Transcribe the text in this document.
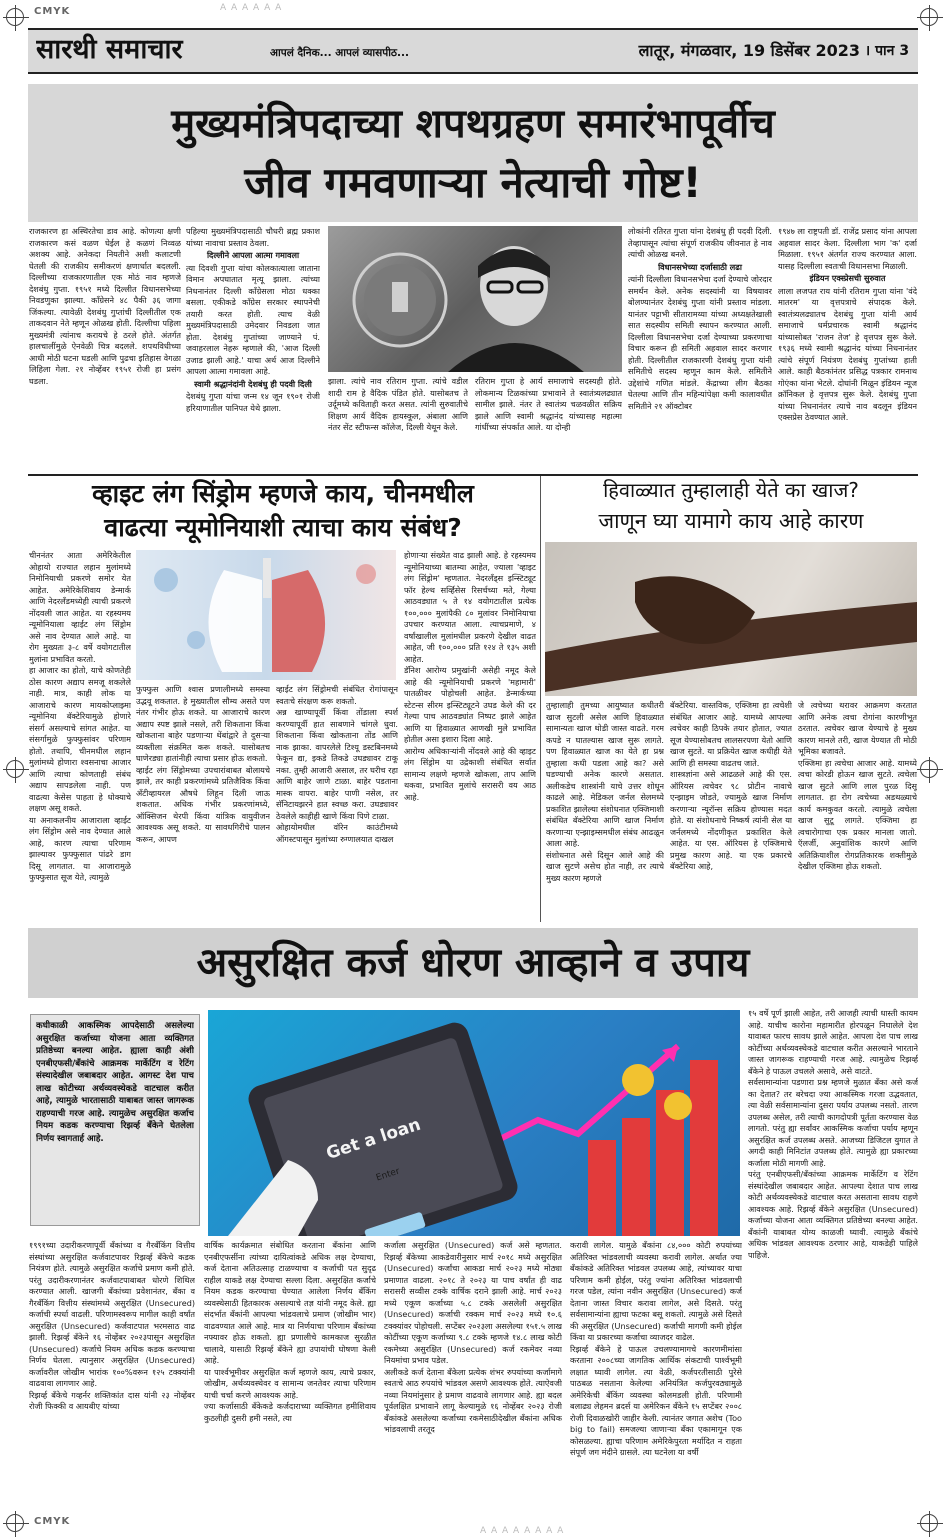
CMYK	A A A A A A
CMYK
A A A A A A A A
सारथी समाचार	आपलं दैनिक... आपलं व्यासपीठ...	लातूर, मंगळवार, 19 डिसेंबर 2023 । पान 3
मुख्यमंत्रिपदाच्या शपथग्रहण समारंभापूर्वीच
जीव गमवणाऱ्या नेत्याची गोष्ट!

राजकारण हा अस्थिरतेचा डाव आहे. कोणत्या क्षणी राजकारण कसं वळण घेईल हे कळणं निव्वळ अशक्य आहे. अनेकदा नियतीने अशी कलाटणी घेतली की राजकीय समीकरणं क्षणार्धात बदलली. दिल्लीच्या राजकारणातील एक मोठं नाव म्हणजे देशबंधु गुप्ता. १९५१ मध्ये दिल्लीत विधानसभेच्या निवडणुका झाल्या. काँग्रेसने ४८ पैकी ३६ जागा जिंकल्या. त्यावेळी देशबंधु गुप्तांची दिल्लीतील एक ताकदवान नेते म्हणून ओळख होती. दिल्लीचा पहिला मुख्यमंत्री त्यांनाच करायचे हे ठरले होते. अंतर्गत हालचालींमुळे ऐनवेळी चित्र बदलले. शपथविधीच्या आधी मोठी घटना घडली आणि पुढचा इतिहास वेगळा लिहिला गेला. २१ नोव्हेंबर १९५१ रोजी हा प्रसंग घडला.

पहिल्या मुख्यमंत्रिपदासाठी चौधरी ब्रह्म प्रकाश यांच्या नावाचा प्रस्ताव ठेवला.

दिल्लीने आपला आत्मा गमावला

त्या दिवशी गुप्ता यांचा कोलकात्याला जाताना विमान अपघातात मृत्यू झाला. त्यांच्या निधनानंतर दिल्ली काँग्रेसला मोठा धक्का बसला. एकीकडे काँग्रेस सरकार स्थापनेची तयारी करत होती. त्याच वेळी मुख्यमंत्रिपदासाठी उमेदवार निवडला जात होता. देशबंधु गुप्तांच्या जाण्याने पं. जवाहरलाल नेहरू म्हणाले की, 'आज दिल्ली उजाड झाली आहे.' याचा अर्थ आज दिल्लीने आपला आत्मा गमावला आहे.

स्वामी श्रद्धानंदांनी देशबंधु ही पदवी दिली

देशबंधु गुप्ता यांचा जन्म १४ जून १९०१ रोजी हरियाणातील पानिपत येथे झाला.

झाला. त्यांचे नाव रतिराम गुप्ता. त्यांचे वडील शादी राम हे वैदिक पंडित होते. यासोबतच ते उर्दूमध्ये कविताही करत असत. त्यांनी सुरुवातीचे शिक्षण आर्य वैदिक हायस्कूल, अंबाला आणि नंतर सेंट स्टीफन्स कॉलेज, दिल्ली येथून केले.

रतिराम गुप्ता हे आर्य समाजाचे सदस्यही होते. लोकमान्य टिळकांच्या प्रभावाने ते स्वातंत्र्यलढ्यात सामील झाले. नंतर ते स्वातंत्र्य चळवळीत सक्रिय झाले आणि स्वामी श्रद्धानंद यांच्यासह महात्मा गांधींच्या संपर्कात आले. या दोन्ही

लोकांनी रतिरत गुप्ता यांना देशबंधु ही पदवी दिली. तेव्हापासून त्यांचा संपूर्ण राजकीय जीवनात हे नाव त्यांची ओळख बनले.

विधानसभेच्या दर्जासाठी लढा

त्यांनी दिल्लीला विधानसभेचा दर्जा देण्याचे जोरदार समर्थन केले. अनेक सदस्यांनी या विषयावर बोलण्यानंतर देशबंधु गुप्ता यांनी प्रस्ताव मांडला. यानंतर पट्टाभी सीतारामय्या यांच्या अध्यक्षतेखाली सात सदस्यीय समिती स्थापन करण्यात आली. दिल्लीला विधानसभेचा दर्जा देण्याच्या प्रकरणाचा विचार करून ही समिती अहवाल सादर करणार होती. दिल्लीतील राजकारणी देशबंधु गुप्ता यांनी समितीचे सदस्य म्हणून काम केले. समितीने उद्देशांचे गणित मांडले. केंद्राच्या लीग बैठका घेतल्या आणि तीन महिन्यांपेक्षा कमी कालावधीत समितीने २१ ऑक्टोबर

१९४७ ला राष्ट्रपती डॉ. राजेंद्र प्रसाद यांना आपला अहवाल सादर केला. दिल्लीला भाग 'क' दर्जा मिळाला. १९५१ अंतर्गत राज्य करण्यात आला. यासह दिल्लीला स्वतःची विधानसभा मिळाली.

इंडियन एक्स्प्रेसची सुरुवात

लाला लजपत राय यांनी रतिराम गुप्ता यांना 'वंदे मातरम' या वृत्तपत्राचे संपादक केले. स्वातंत्र्यलढ्यातच देशबंधु गुप्ता यांनी आर्य समाजाचे धर्मप्रचारक स्वामी श्रद्धानंद यांच्यासोबत 'राजन तेज' हे वृत्तपत्र सुरू केले. १९३६ मध्ये स्वामी श्रद्धानंद यांच्या निधनानंतर त्यांचे संपूर्ण नियंत्रण देशबंधु गुप्तांच्या हाती आले. काही बैठकांनंतर प्रसिद्ध पत्रकार रामनाथ गोएंका यांना भेटले. दोघांनी मिळून इंडियन न्यूज क्रॉनिकल हे वृत्तपत्र सुरू केले. देशबंधु गुप्ता यांच्या निधनानंतर त्याचे नाव बदलून इंडियन एक्सप्रेस ठेवण्यात आले.

व्हाइट लंग सिंड्रोम म्हणजे काय, चीनमधील
वाढत्या न्यूमोनियाशी त्याचा काय संबंध?
हिवाळ्यात तुम्हालाही येते का खाज?
जाणून घ्या यामागे काय आहे कारण

चीननंतर आता अमेरिकेतील ओहायो राज्यात लहान मुलांमध्ये निमोनियाची प्रकरणे समोर येत आहेत. अमेरिकेशिवाय डेन्मार्क आणि नेदरलँडमध्येही त्याची प्रकरणे नोंदवली जात आहेत. या रहस्यमय न्यूमोनियाला व्हाईट लंग सिंड्रोम असे नाव देण्यात आले आहे. या रोग मुख्यतः ३-८ वर्षे वयोगटातील मुलांना प्रभावित करतो.
हा आजार का होतो, याचे कोणतेही ठोस कारण अद्याप समजू शकलेले नाही. मात्र, काही लोक या आजाराचे कारण मायकोप्लाझ्मा न्यूमोनिया बॅक्टेरियामुळे होणारे संसर्ग असल्याचे सांगत आहेत. या संसर्गामुळे फुफ्फुसांवर परिणाम होतो. तथापि, चीनमधील लहान मुलांमध्ये होणारा श्वसनाचा आजार आणि त्याचा कोणताही संबंध अद्याप सापडलेला नाही. पण वाढत्या केसेस पाहता हे धोक्याचे लक्षण असू शकते.
या अनाकलनीय आजाराला व्हाईट लंग सिंड्रोम असे नाव देण्यात आले आहे, कारण त्याचा परिणाम झाल्यावर फुफ्फुसात पांढरे डाग दिसू लागतात. या आजारामुळे फुफ्फुसात सूज येते, त्यामुळे

फुफ्फुस आणि श्वास प्रणालीमध्ये समस्या उद्भवू शकतात. हे मुख्यातील सौम्य असते पण नंतर गंभीर होऊ शकते. या आजाराचे कारण अद्याप स्पष्ट झाले नसले, तरी शिकताना किंवा खोकताना बाहेर पडणाऱ्या थेंबांद्वारे ते दुसऱ्या व्यक्तीला संक्रमित करू शकते. यासोबतच घाणेरड्या हातांनीही त्याचा प्रसार होऊ शकतो.
व्हाईट लंग सिंड्रोमच्या उपचारांबाबत बोलायचे झाले, तर काही प्रकरणांमध्ये प्रतिजैविक किंवा अँटीव्हायरल औषधे लिहून दिली जाऊ शकतात. अधिक गंभीर प्रकरणांमध्ये, ऑक्सिजन थेरपी किंवा यांत्रिक वायुवीजन आवश्यक असू शकते. या सावधगिरीचे पालन करून, आपण

व्हाईट लंग सिंड्रोमची संबंधित रोगांपासून स्वतःचे संरक्षण करू शकतो.
अन्न खाण्यापूर्वी किंवा तोंडाला स्पर्श करण्यापूर्वी हात साबणाने चांगले धुवा. शिकताना किंवा खोकताना तोंड आणि नाक झाका. वापरलेले टिश्यू डस्टबिनमध्ये फेकून द्या, इकडे तिकडे उघड्यावर टाकू नका. तुम्ही आजारी असाल, तर घरीच रहा आणि बाहेर जाणे टाळा. बाहेर पडताना मास्क वापरा. बाहेर पाणी नसेल, तर सॅनिटायझरने हात स्वच्छ करा. उघड्यावर ठेवलेले काहीही खाणे किंवा पिणे टाळा.
ओहायोमधील वॉरेन काउंटीमध्ये ऑगस्टपासून मुलांच्या रुग्णालयात दाखल

होणाऱ्या संख्येत वाढ झाली आहे. हे रहस्यमय न्यूमोनियाच्या बातम्या आहेत, ज्याला 'व्हाइट लंग सिंड्रोम' म्हणतात. नेदरलँड्स इन्स्टिट्यूट फॉर हेल्थ सर्व्हिसेस रिसर्चच्या मते, गेल्या आठवड्यात ५ ते १४ वयोगटातील प्रत्येक १००,००० मुलांपैकी ८० मुलांवर निमोनियाचा उपचार करण्यात आला. त्याचप्रमाणे, ४ वर्षांखालील मुलांमधील प्रकरणे देखील वाढत आहेत, जी १००,००० प्रति १२४ ते १३५ अशी आहेत.
डॅनिश आरोग्य प्रमुखांनी असेही नमूद केले आहे की न्यूमोनियाची प्रकरणे 'महामारी' पातळीवर पोहोचली आहेत. डेन्मार्कच्या स्टेटन्स सीरम इन्स्टिट्यूटने उघड केले की दर गेल्या पाच आठवड्यांत निष्पट झाले आहेत आणि या हिवाळ्यात आणखी मुले प्रभावित होतील असा इशारा दिला आहे.
आरोग्य अधिकाऱ्यांनी नोंदवले आहे की व्हाइट लंग सिंड्रोम या उद्रेकाशी संबंधित सर्वात सामान्य लक्षणे म्हणजे खोकला, ताप आणि थकवा, प्रभावित मुलांचे सरासरी वय आठ आहे.

तुम्हालाही तुमच्या आयुष्यात कधीतरी खाज सुटली असेल आणि हिवाळ्यात सामान्यतः खाज थोडी जास्त वाढते. गरम कपडे न घातल्यास खाज सुरू लागते. पण हिवाळ्यात खाज का येते हा प्रश्न तुम्हाला कधी पडला आहे का? असे घडण्याची अनेक कारणे असतात. अलीकडेच शास्त्रांनी याचे उत्तर शोधून काढले आहे. मेडिकल जर्नल सेलमध्ये प्रकाशित झालेल्या संशोधनात एक्जिमाशी संबंधित बॅक्टेरिया आणि खाज निर्माण करणाऱ्या एन्झाइम्समधील संबंध आढळून आला आहे.
संशोधनात असे दिसून आले आहे की खाज सुटणे असेच होत नाही, तर त्याचे मुख्य कारण म्हणजे

बॅक्टेरिया. वास्तविक, एक्जिमा हा त्वचेशी संबंधित आजार आहे. यामध्ये आपल्या त्वचेवर काही ठिपके तयार होतात, ज्यात सूज येण्यासोबतच लालसरपणा येतो आणि खाज सुटते. या प्रक्रियेत खाज कधीही येते आणि ही समस्या वाढतच जाते.
शास्त्रज्ञांना असे आढळले आहे की एस. ऑरियस त्वचेवर ९८ प्रोटीन नावाचे एन्झाइम जोडते, ज्यामुळे खाज निर्माण करणाऱ्या न्यूरॉन्स सक्रिय होण्यास मदत होते. या संशोधनाचे निष्कर्ष त्यांनी सेल या जर्नलमध्ये नोंदणीकृत प्रकाशित केले आहेत. या एस. ऑरियस हे एक्जिमाचे प्रमुख कारण आहे. या एक प्रकारचे बॅक्टेरिया आहे,

जे त्वचेच्या थरावर आक्रमण करतात आणि अनेक त्वचा रोगांना कारणीभूत ठरतात. त्वचेवर खाज येण्याचे हे मुख्य कारण मानले तरी, खाज येण्यात ती मोठी भूमिका बजावते.
एक्जिमा हा त्वचेचा आजार आहे. यामध्ये त्वचा कोरडी होऊन खाज सुटते. त्वचेला खाज सुटते आणि लाल पुरळ दिसू लागतात. हा रोग त्वचेच्या अडथळ्याचे कार्य कमकुवत करतो. त्यामुळे त्वचेला खाज सुटू लागते. एक्जिमा हा त्वचारोगाचा एक प्रकार मानला जातो. ऍलर्जी, अनुवांशिक कारणे आणि अतिक्रियाशील रोगप्रतिकारक शक्तीमुळे देखील एक्जिमा होऊ शकतो.

असुरक्षित कर्ज धोरण आव्हाने व उपाय
कधीकाळी आकस्मिक आपदेसाठी असलेल्या असुरक्षित कर्जाच्या योजना आता व्यक्तिगत प्रतिष्ठेच्या बनल्या आहेत. ह्याला काही अंशी एनबीएफसी/बँकांचे आक्रमक मार्केटिंग व रेटिंग संस्थादेखील जबाबदार आहेत. आगस्ट देश पाच लाख कोटीच्या अर्थव्यवस्थेकडे वाटचाल करीत आहे, त्यामुळे भारतासाठी याबाबत जास्त जागरूक राहण्याची गरज आहे. त्यामुळेच असुरक्षित कर्जाच नियम कडक करण्याचा रिझर्व्ह बँकेने घेतलेला निर्णय स्वागतार्ह आहे.	Get a loan
Enter

१५ वर्षे पूर्ण झाली आहेत, तरी आजही त्याची धास्ती कायम आहे. याचीच कारोना महामारीत होरपळून निघालेले देश यावाबत फारच सावध झाले आहेत. आपला देश पाच लाख कोटींच्या अर्थव्यवस्थेकडे वाटचाल करीत असल्याने भारताने जास्त जागरूक राहण्याची गरज आहे. त्यामुळेच रिझर्व्ह बँकेने हे पाऊल उचलले असावे, असे वाटते.
सर्वसामान्यांना पडणारा प्रश्न म्हणजे मुळात बँका असे कर्ज का देतात? तर बरेचदा ज्या आकस्मिक गरजा उद्भवतात, त्या वेळी सर्वसामान्यांना दुसरा पर्याय उपलब्ध नसतो. तारण उपलब्ध असेल, तरी त्याची कागदोपत्री पूर्तता करण्यास वेळ लागतो. परंतु ह्या सर्वांवर आकस्मिक कर्जाचा पर्याय म्हणून असुरक्षित कर्ज उपलब्ध असते. आजच्या डिजिटल युगात ते अगदी काही मिनिटांत उपलब्ध होते. त्यामुळे ह्या प्रकारच्या कर्जाला मोठी मागणी आहे.
परंतु एनबीएफसी/बँकांच्या आक्रमक मार्केटिंग व रेटिंग संस्थांदेखील जबाबदार आहेत. आपल्या देशात पाच लाख कोटी अर्थव्यवस्थेकडे वाटचाल करत असताना सावध राहणे आवश्यक आहे. रिझर्व्ह बँकेने असुरक्षित (Unsecured) कर्जाच्या योजना आता व्यक्तिगत प्रतिष्ठेच्या बनल्या आहेत. बँकांनी याबाबत योग्य काळजी घ्यावी. त्यामुळे बँकांचे अधिक भांडवल आवश्यक ठरणार आहे, याकडेही पाहिले पाहिजे.

१९९१च्या उदारीकरणापूर्वी बँकांच्या व गैरबँकिंग वित्तीय संस्थांच्या असुरक्षित कर्जवाटपावर रिझर्व्ह बँकेचे कडक नियंत्रण होते. त्यामुळे असुरक्षित कर्जाचे प्रमाण कमी होते. परंतु उदारीकरणानंतर कर्जवाटपाबाबत धोरणे शिथिल करण्यात आली. खाजगी बँकांच्या प्रवेशानंतर, बँका व गैरबँकिंग वित्तीय संस्थांमध्ये असुरक्षित (Unsecured) कर्जाची स्पर्धा वाढली. परिणामस्वरूप मागील काही वर्षांत असुरक्षित (Unsecured) कर्जवाटपात भरमसाठ वाढ झाली. रिझर्व्ह बँकेने १६ नोव्हेंबर २०२३पासून असुरक्षित (Unsecured) कर्जाचे नियम अधिक कडक करण्याचा निर्णय घेतला. त्यानुसार असुरक्षित (Unsecured) कर्जावरील जोखीम भारांक १००%वरून १२५ टक्क्यांनी वाढवावा लागणार आहे.
रिझर्व्ह बँकेचे गव्हर्नर शक्तिकांत दास यांनी २३ नोव्हेंबर रोजी फिक्की व आयबीए यांच्या

वार्षिक कार्यक्रमात संबोधित करताना बँकांना आणि एनबीएफसींना त्यांच्या दायित्वांकडे अधिक लक्ष देण्याचा, कर्ज देताना अतिउत्साह टाळण्याचा व कर्जाची पत सुदृढ राहील याकडे लक्ष देण्याचा सल्ला दिला. असुरक्षित कर्जाचे नियम कडक करण्याचा घेण्यात आलेला निर्णय बँकिंग व्यवस्थेसाठी हितकारक असल्याचे तज्ञ यांनी नमूद केले. ह्या संदर्भात बँकांनी आपल्या भांडवलाचे प्रमाण (जोखीम भार) वाढवण्यात आले आहे. मात्र या निर्णयाचा परिणाम बँकांच्या नफ्यावर होऊ शकतो. ह्या प्रणालीचे कामकाज सुरळीत चालावे, यासाठी रिझर्व्ह बँकेने ह्या उपायांची घोषणा केली आहे.
या पार्श्वभूमीवर असुरक्षित कर्ज म्हणजे काय, त्याचे प्रकार, जोखीम, अर्थव्यवस्थेवर व सामान्य जनतेवर त्याचा परिणाम याची चर्चा करणे आवश्यक आहे.
ज्या कर्जासाठी बँकेकडे कर्जदाराच्या व्यक्तिगत हमीशिवाय कुठलीही दुसरी हमी नसते, त्या

कर्जाला असुरक्षित (Unsecured) कर्ज असे म्हणतात. रिझर्व्ह बँकेच्या आकडेवारीनुसार मार्च २०१८ मध्ये असुरक्षित (Unsecured) कर्जांचा आकडा मार्च २०२३ मध्ये मोठ्या प्रमाणात वाढला. २०१८ ते २०२३ या पाच वर्षांत ही वाढ सरासरी सव्वीस टक्के वार्षिक दराने झाली आहे. मार्च २०२३ मध्ये एकूण कर्जाच्या ५.८ टक्के असलेली असुरक्षित (Unsecured) कर्जाची रक्कम मार्च २०२३ मध्ये १०.६ टक्क्यांवर पोहोचली. सप्टेंबर २०२३ला असलेल्या १५१.५ लाख कोटींच्या एकूण कर्जाच्या ९.८ टक्के म्हणजे १४.८ लाख कोटी रकमेच्या असुरक्षित (Unsecured) कर्ज रकमेवर नव्या नियमांचा प्रभाव पडेल.
अलीकडे कर्ज देताना बँकेला प्रत्येक शंभर रुपयांच्या कर्जामागे स्वतःचे आठ रुपयांचे भांडवल असणे आवश्यक होते. त्याऐवजी नव्या नियमांनुसार हे प्रमाण वाढवावे लागणार आहे. ह्या बदल पूर्वलक्षित प्रभावाने लागू केल्यामुळे १६ नोव्हेंबर २०२३ रोजी बँकांकडे असलेल्या कर्जाच्या रकमेसाठीदेखील बँकांना अधिक भांडवलाची तरतूद

करावी लागेल. यामुळे बँकांना ८४,००० कोटी रुपयांच्या अतिरिक्त भांडवलाची व्यवस्था करावी लागेल. अर्थात ज्या बँकांकडे अतिरिक्त भांडवल उपलब्ध आहे, त्यांच्यावर याचा परिणाम कमी होईल, परंतु ज्यांना अतिरिक्त भांडवलाची गरज पडेल, त्यांना नवीन असुरक्षित (Unsecured) कर्ज देताना जास्त विचार करावा लागेल, असे दिसते. परंतु सर्वसामान्यांना ह्याचा फटका बसू शकतो. त्यामुळे असे दिसते की असुरक्षित (Unsecured) कर्जाची मागणी कमी होईल किंवा या प्रकारच्या कर्जाचा व्याजदर वाढेल.
रिझर्व्ह बँकेने हे पाऊल उचलण्यामागचे कारणमीमांसा करताना २००८च्या जागतिक आर्थिक संकटाची पार्श्वभूमी लक्षात घ्यावी लागेल. त्या वेळी, कर्जपरतीसाठी पुरेसे पाठबळ नसताना केलेल्या अनियंत्रित कर्जपुरवठ्यामुळे अमेरिकेची बँकिंग व्यवस्था कोलमडली होती. परिणामी बलाढ्य लेहमन ब्रदर्स या अमेरिकन बँकेने १५ सप्टेंबर २००८ रोजी दिवाळखोरी जाहीर केली. त्यानंतर जगात अशेच (Too big to fail) समजल्या जाणाऱ्या बँका एकामागून एक कोसळल्या. ह्याचा परिणाम अमेरिकेपुरता मर्यादित न राहता संपूर्ण जग मंदीने ग्रासले. त्या घटनेला या वर्षी
